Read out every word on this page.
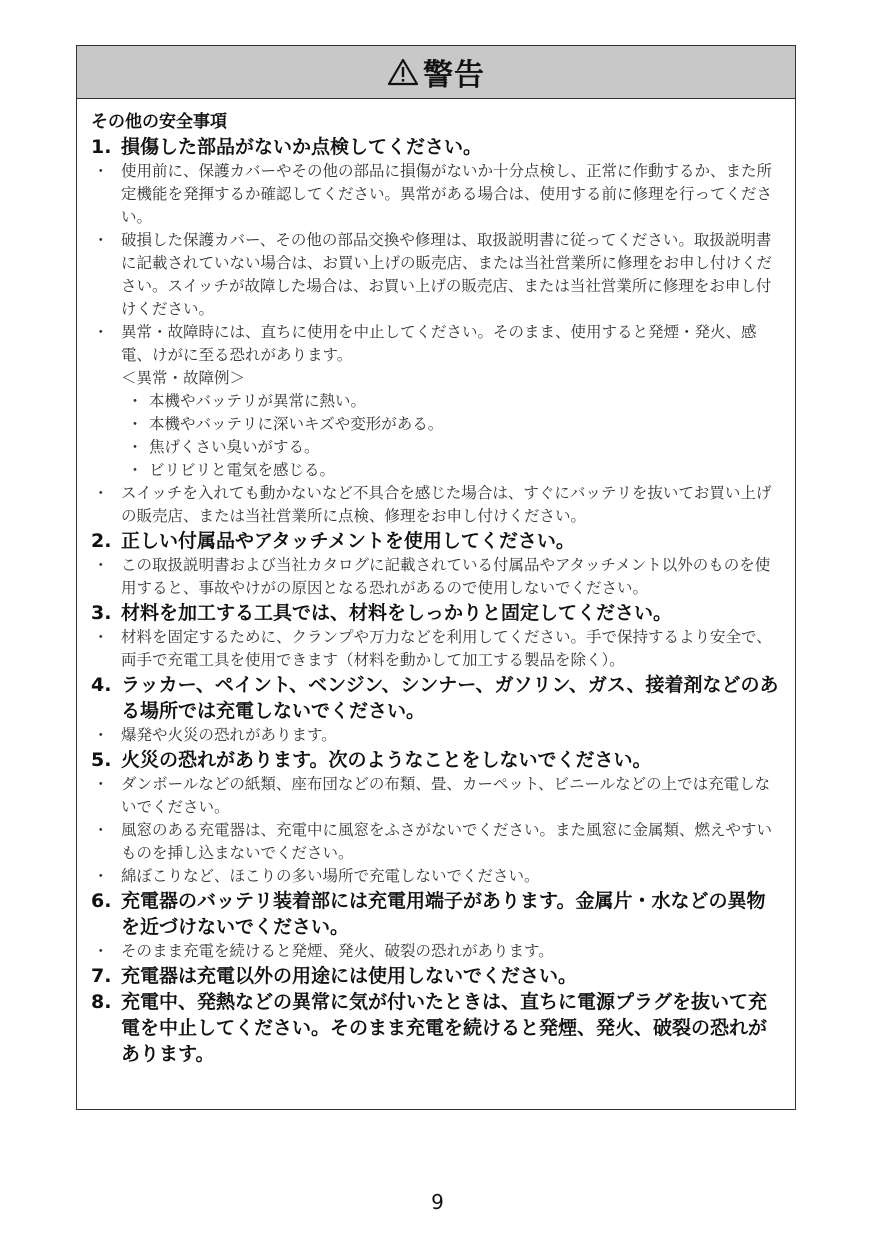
警告
その他の安全事項
1. 損傷した部品がないか点検してください。
・ 使用前に、保護カバーやその他の部品に損傷がないか十分点検し、正常に作動するか、また所定機能を発揮するか確認してください。異常がある場合は、使用する前に修理を行ってください。
・ 破損した保護カバー、その他の部品交換や修理は、取扱説明書に従ってください。取扱説明書に記載されていない場合は、お買い上げの販売店、または当社営業所に修理をお申し付けください。スイッチが故障した場合は、お買い上げの販売店、または当社営業所に修理をお申し付けください。
・ 異常・故障時には、直ちに使用を中止してください。そのまま、使用すると発煙・発火、感電、けがに至る恐れがあります。
＜異常・故障例＞
・ 本機やバッテリが異常に熱い。
・ 本機やバッテリに深いキズや変形がある。
・ 焦げくさい臭いがする。
・ ビリビリと電気を感じる。
・ スイッチを入れても動かないなど不具合を感じた場合は、すぐにバッテリを抜いてお買い上げの販売店、または当社営業所に点検、修理をお申し付けください。
2. 正しい付属品やアタッチメントを使用してください。
・ この取扱説明書および当社カタログに記載されている付属品やアタッチメント以外のものを使用すると、事故やけがの原因となる恐れがあるので使用しないでください。
3. 材料を加工する工具では、材料をしっかりと固定してください。
・ 材料を固定するために、クランプや万力などを利用してください。手で保持するより安全で、両手で充電工具を使用できます（材料を動かして加工する製品を除く）。
4. ラッカー、ペイント、ベンジン、シンナー、ガソリン、ガス、接着剤などのある場所では充電しないでください。
・ 爆発や火災の恐れがあります。
5. 火災の恐れがあります。次のようなことをしないでください。
・ ダンボールなどの紙類、座布団などの布類、畳、カーペット、ビニールなどの上では充電しないでください。
・ 風窓のある充電器は、充電中に風窓をふさがないでください。また風窓に金属類、燃えやすいものを挿し込まないでください。
・ 綿ぼこりなど、ほこりの多い場所で充電しないでください。
6. 充電器のバッテリ装着部には充電用端子があります。金属片・水などの異物を近づけないでください。
・ そのまま充電を続けると発煙、発火、破裂の恐れがあります。
7. 充電器は充電以外の用途には使用しないでください。
8. 充電中、発熱などの異常に気が付いたときは、直ちに電源プラグを抜いて充電を中止してください。そのまま充電を続けると発煙、発火、破裂の恐れがあります。
9
